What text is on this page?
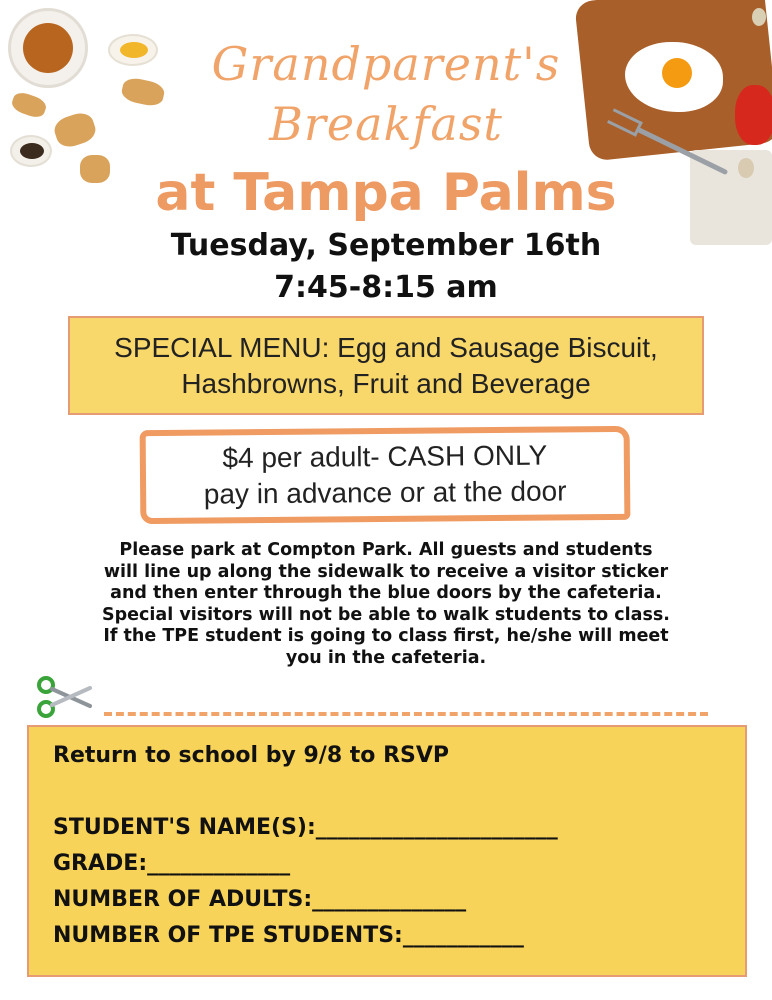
Grandparent's
Breakfast
at Tampa Palms
Tuesday, September 16th
7:45-8:15 am
SPECIAL MENU: Egg and Sausage Biscuit,
Hashbrowns, Fruit and Beverage
$4 per adult- CASH ONLY
pay in advance or at the door
Please park at Compton Park. All guests and students
will line up along the sidewalk to receive a visitor sticker
and then enter through the blue doors by the cafeteria.
Special visitors will not be able to walk students to class.
If the TPE student is going to class first, he/she will meet
you in the cafeteria.
Return to school by 9/8 to RSVP
STUDENT'S NAME(S):______________________
GRADE:_____________
NUMBER OF ADULTS:______________
NUMBER OF TPE STUDENTS:___________
